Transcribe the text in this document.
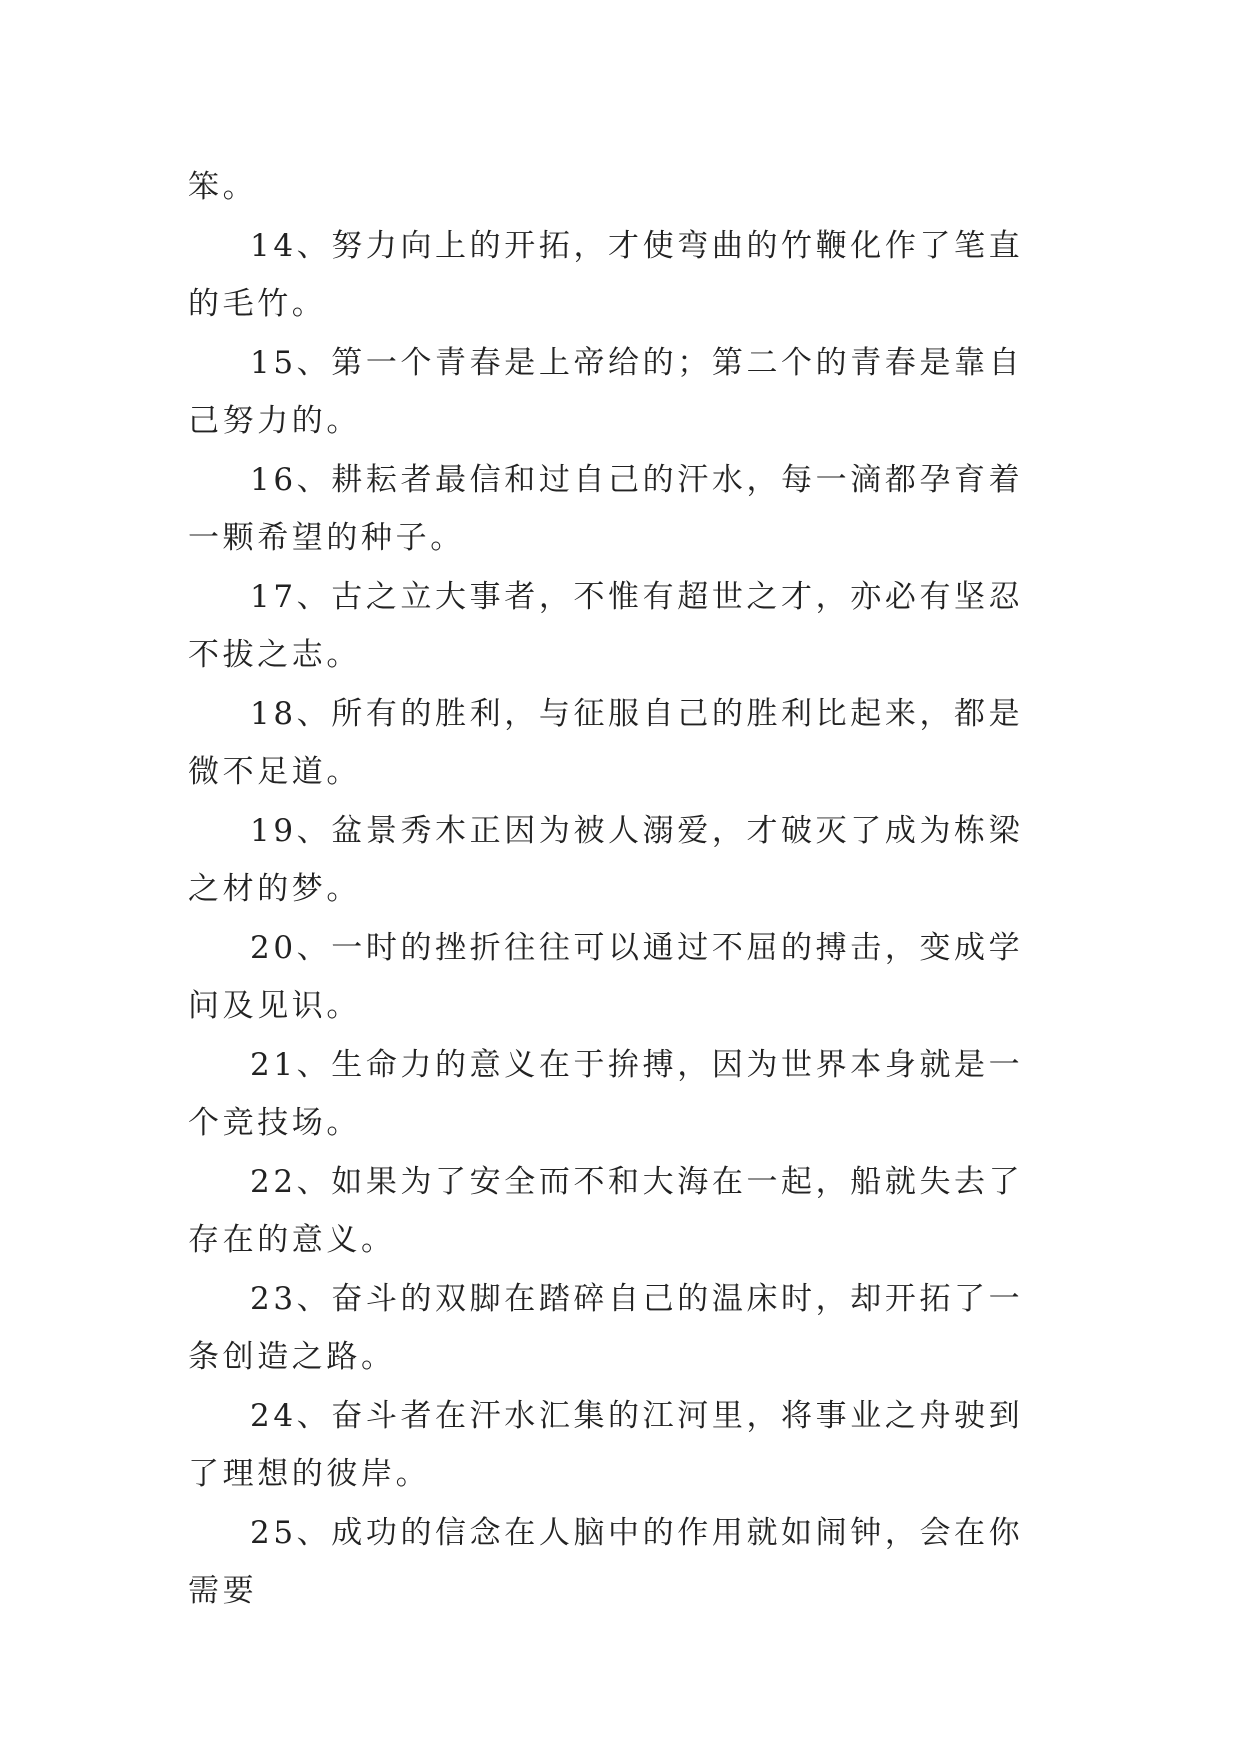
笨。

14、努力向上的开拓，才使弯曲的竹鞭化作了笔直的毛竹。

15、第一个青春是上帝给的；第二个的青春是靠自己努力的。

16、耕耘者最信和过自己的汗水，每一滴都孕育着一颗希望的种子。

17、古之立大事者，不惟有超世之才，亦必有坚忍不拔之志。

18、所有的胜利，与征服自己的胜利比起来，都是微不足道。

19、盆景秀木正因为被人溺爱，才破灭了成为栋梁之材的梦。

20、一时的挫折往往可以通过不屈的搏击，变成学问及见识。

21、生命力的意义在于拚搏，因为世界本身就是一个竞技场。

22、如果为了安全而不和大海在一起，船就失去了存在的意义。

23、奋斗的双脚在踏碎自己的温床时，却开拓了一条创造之路。

24、奋斗者在汗水汇集的江河里，将事业之舟驶到了理想的彼岸。

25、成功的信念在人脑中的作用就如闹钟，会在你需要
